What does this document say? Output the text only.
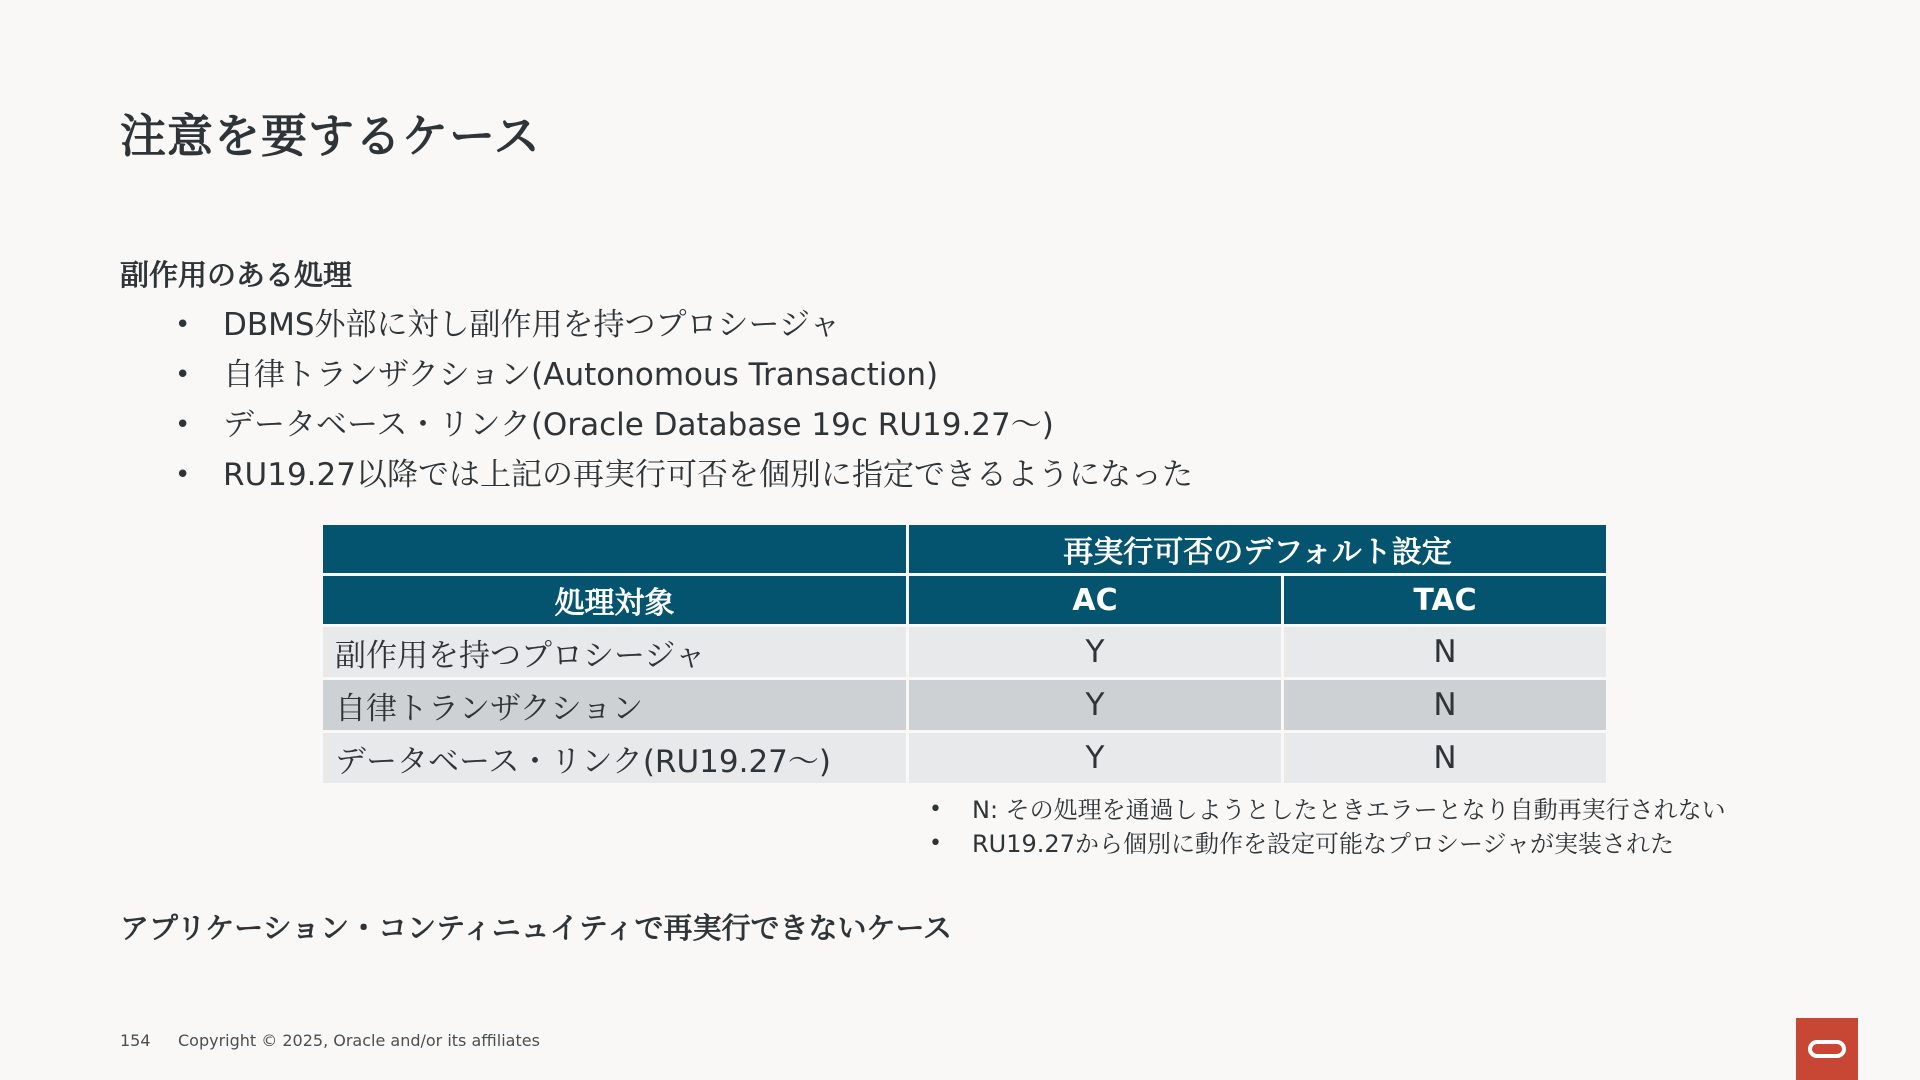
注意を要するケース
副作用のある処理
• DBMS外部に対し副作用を持つプロシージャ
• 自律トランザクション(Autonomous Transaction)
• データベース・リンク(Oracle Database 19c RU19.27～)
• RU19.27以降では上記の再実行可否を個別に指定できるようになった
	再実行可否のデフォルト設定	
処理対象	AC	TAC
副作用を持つプロシージャ	Y	N
自律トランザクション	Y	N
データベース・リンク(RU19.27～)	Y	N
• N: その処理を通過しようとしたときエラーとなり自動再実行されない
• RU19.27から個別に動作を設定可能なプロシージャが実装された
アプリケーション・コンティニュイティで再実行できないケース
154 Copyright © 2025, Oracle and/or its affiliates
